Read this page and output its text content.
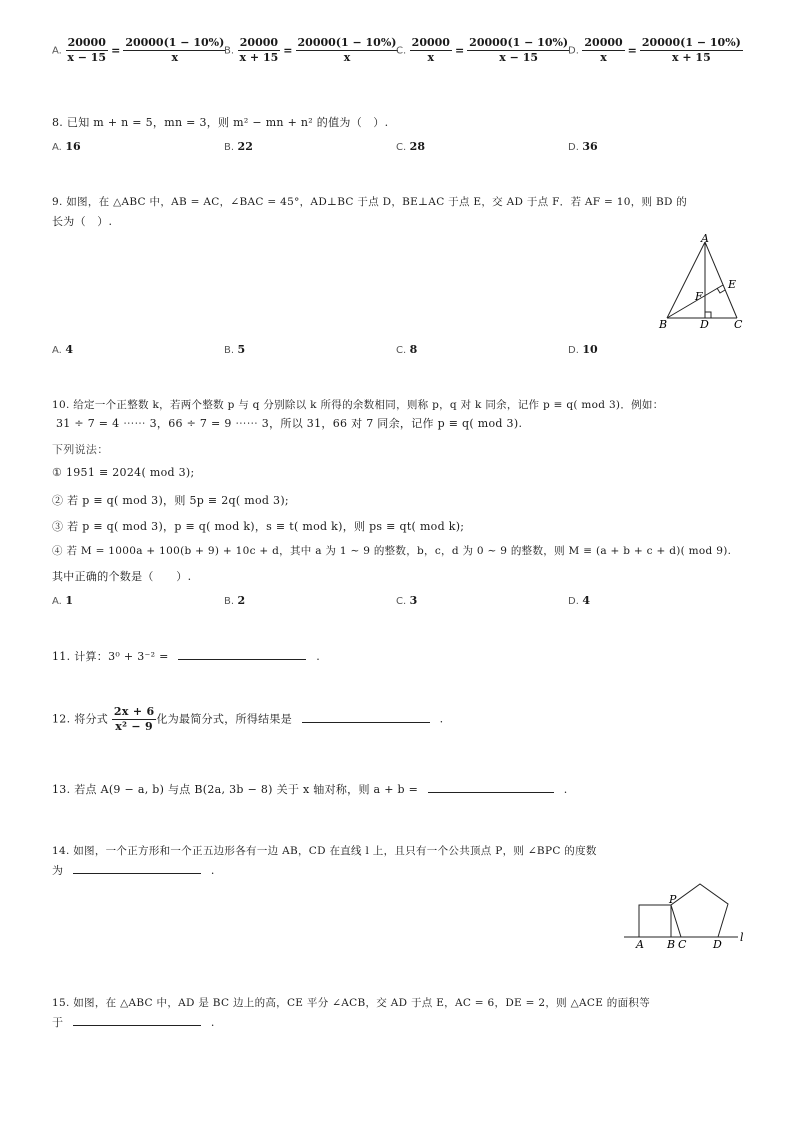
A. $\frac{20000}{x - 15} = \frac{20000(1 - 10\%)}{x}$
B. $\frac{20000}{x + 15} = \frac{20000(1 - 10\%)}{x}$
C. $\frac{20000}{x} = \frac{20000(1 - 10\%)}{x - 15}$
D. $\frac{20000}{x} = \frac{20000(1 - 10\%)}{x + 15}$
8. 已知 m + n = 5，mn = 3，则 m² − mn + n² 的值为（　）.
A. 16	B. 22	C. 28	D. 36
9. 如图，在 △ABC 中，AB = AC，∠BAC = 45°，AD⊥BC 于点 D，BE⊥AC 于点 E，交 AD 于点 F．若 AF = 10，则 BD 的
长为（　）.
A
B	C
D
E
F
A. 4	B. 5	C. 8	D. 10
10. 给定一个正整数 k，若两个整数 p 与 q 分别除以 k 所得的余数相同，则称 p，q 对 k 同余，记作 p ≡ q( mod 3)．例如：
31 ÷ 7 = 4 ⋯⋯ 3，66 ÷ 7 = 9 ⋯⋯ 3，所以 31，66 对 7 同余，记作 p ≡ q( mod 3).
下列说法：
① 1951 ≡ 2024( mod 3);
② 若 p ≡ q( mod 3)，则 5p ≡ 2q( mod 3);
③ 若 p ≡ q( mod 3)，p ≡ q( mod k)，s ≡ t( mod k)，则 ps ≡ qt( mod k);
④ 若 M = 1000a + 100(b + 9) + 10c + d，其中 a 为 1 ∼ 9 的整数，b，c，d 为 0 ∼ 9 的整数，则 M ≡ (a + b + c + d)( mod 9).
其中正确的个数是（　　）.
A. 1	B. 2	C. 3	D. 4
11. 计算：3⁰ + 3⁻² =	.
12. 将分式 $\frac{2x + 6}{\text{x² − 9}}$ 化为最简分式，所得结果是	.
13. 若点 A(9 − a, b) 与点 B(2a, 3b − 8) 关于 x 轴对称，则 a + b =	.
14. 如图，一个正方形和一个正五边形各有一边 AB，CD 在直线 l 上，且只有一个公共顶点 P，则 ∠BPC 的度数
为	.
A B C D
P
l
15. 如图，在 △ABC 中，AD 是 BC 边上的高，CE 平分 ∠ACB，交 AD 于点 E，AC = 6，DE = 2，则 △ACE 的面积等
于	.
